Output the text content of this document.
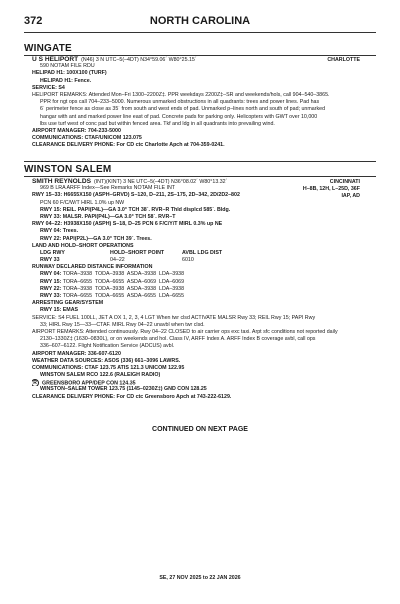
372	NORTH CAROLINA
WINGATE
CHARLOTTE
U S HELIPORT (N46) 3 N UTC–5(–4DT) N34°59.06´ W80°25.15´
590 NOTAM FILE RDU
HELIPAD H1: 100X100 (TURF)
HELIPAD H1: Fence.
SERVICE: S4
HELIPORT REMARKS: Attended Mon–Fri 1300–2200Z‡. PPR weekdays 2200Z‡–SR and weekends/hols, call 904–540–3865.
PPR for ngt ops call 704–233–5000. Numerous unmarked obstructions in all quadrants: trees and power lines. Pad has
6´ perimeter fence as close as 35´ from south and west ends of pad. Unmarked p–lines north and south of pad; unmarked
hangar with ant and marked power line east of pad. Concrete pads for parking only. Helicopters with GWT over 10,000
lbs use turf west of conc pad but within fenced area. Tkf and ldg in all quadrants into prevailing wind.
AIRPORT MANAGER: 704-233-5000
COMMUNICATIONS: CTAF/UNICOM 123.075
CLEARANCE DELIVERY PHONE: For CD ctc Charlotte Apch at 704-359-0241.
WINSTON SALEM
CINCINNATI
H–8B, 12H, L–25D, 36F
IAP, AD
SMITH REYNOLDS (INT)(KINT) 3 NE UTC–5(–4DT) N36°08.02´ W80°13.32´
969 B LRA ARFF Index—See Remarks NOTAM FILE INT
RWY 15–33: H6655X150 (ASPH–GRVD) S–120, D–211, 2S–175, 2D–342, 2D/2D2–802
PCN 60 F/C/W/T HIRL 1.0% up NW
RWY 15: REIL. PAPI(P4L)—GA 3.0° TCH 38´. RVR–R Thld displcd 585´. Bldg.
RWY 33: MALSR. PAPI(P4L)—GA 3.0° TCH 58´. RVR–T
RWY 04–22: H3938X150 (ASPH) S–18, D–25 PCN 6 F/C/Y/T MIRL 0.3% up NE
RWY 04: Trees.
RWY 22: PAPI(P2L)—GA 3.0° TCH 39´. Trees.
LAND AND HOLD–SHORT OPERATIONS
LDG RWY	HOLD–SHORT POINT	AVBL LDG DIST
RWY 33	04–22	6010
RUNWAY DECLARED DISTANCE INFORMATION
RWY 04: TORA–3938 TODA–3938 ASDA–3938 LDA–3938
RWY 15: TORA–6655 TODA–6655 ASDA–6069 LDA–6069
RWY 22: TORA–3938 TODA–3938 ASDA–3938 LDA–3938
RWY 33: TORA–6655 TODA–6655 ASDA–6655 LDA–6655
ARRESTING GEAR/SYSTEM
RWY 15: EMAS
SERVICE: S4 FUEL 100LL, JET A OX 1, 2, 3, 4 LGT When twr clsd ACTIVATE MALSR Rwy 33; REIL Rwy 15; PAPI Rwy
33; HIRL Rwy 15—33—CTAF. MIRL Rwy 04–22 unavbl when twr clsd.
AIRPORT REMARKS: Attended continuously. Rwy 04–22 CLOSED to air carrier ops exc taxi. Arpt sfc conditions not reported daily
2130–1330Z‡ (1630–0830L), or on weekends and hol. Class IV, ARFF Index A. ARFF Index B coverage avbl, call ops
336–607–6122. Flight Notification Service (ADCUS) avbl.
AIRPORT MANAGER: 336-607-6120
WEATHER DATA SOURCES: ASOS (336) 661–3096 LAWRS.
COMMUNICATIONS: CTAF 123.75 ATIS 121.3 UNICOM 122.95
WINSTON SALEM RCO 122.6 (RALEIGH RADIO)
R GREENSBORO APP/DEP CON 124.35
WINSTON–SALEM TOWER 123.75 (1145–0230Z‡) GND CON 128.25
CLEARANCE DELIVERY PHONE: For CD ctc Greensboro Apch at 743-222-6129.
CONTINUED ON NEXT PAGE
SE, 27 NOV 2025 to 22 JAN 2026
